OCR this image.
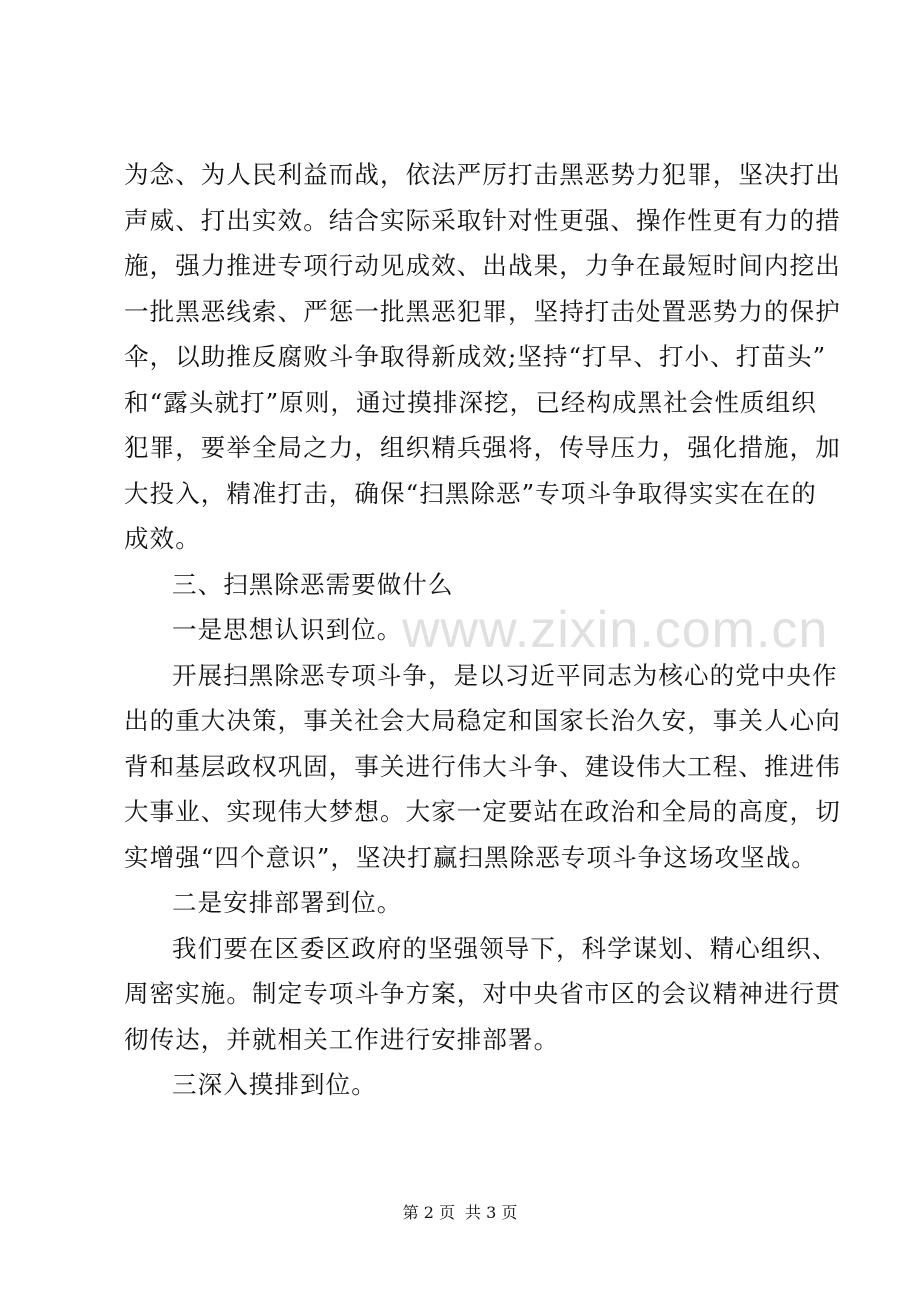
为念、为人民利益而战，依法严厉打击黑恶势力犯罪，坚决打出
声威、打出实效。结合实际采取针对性更强、操作性更有力的措
施，强力推进专项行动见成效、出战果，力争在最短时间内挖出
一批黑恶线索、严惩一批黑恶犯罪，坚持打击处置恶势力的保护
伞，以助推反腐败斗争取得新成效;坚持“打早、打小、打苗头”
和“露头就打”原则，通过摸排深挖，已经构成黑社会性质组织
犯罪，要举全局之力，组织精兵强将，传导压力，强化措施，加
大投入，精准打击，确保“扫黑除恶”专项斗争取得实实在在的
成效。
三、扫黑除恶需要做什么
一是思想认识到位。
开展扫黑除恶专项斗争，是以习近平同志为核心的党中央作
出的重大决策，事关社会大局稳定和国家长治久安，事关人心向
背和基层政权巩固，事关进行伟大斗争、建设伟大工程、推进伟
大事业、实现伟大梦想。大家一定要站在政治和全局的高度，切
实增强“四个意识”，坚决打赢扫黑除恶专项斗争这场攻坚战。
二是安排部署到位。
我们要在区委区政府的坚强领导下，科学谋划、精心组织、
周密实施。制定专项斗争方案，对中央省市区的会议精神进行贯
彻传达，并就相关工作进行安排部署。
三深入摸排到位。
www.zixin.com.cn
第 2 页 共 3 页
